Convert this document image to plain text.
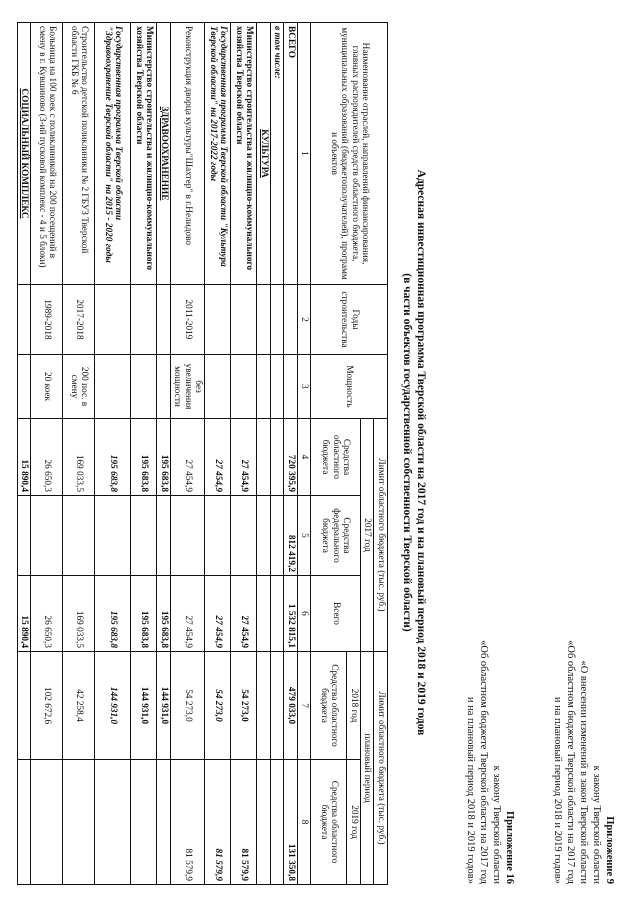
Приложение 9
к закону Тверской области
«О внесении изменений в закон Тверской области
«Об областном бюджете Тверской области на 2017 год
и на плановый период 2018 и 2019 годов»
Приложение 16
к закону Тверской области
«Об областном бюджете Тверской области на 2017 год
и на плановый период 2018 и 2019 годов»
Адресная инвестиционная программа Тверской области на 2017 год и на плановый период 2018 и 2019 годов
(в части объектов государственной собственности Тверской области)
Наименование отраслей, направлений финансирования, главных распорядителей средств областного бюджета, муниципальных образований (бюджетополучателей), программ и объектов	Годы строительства	Мощность	Лимит областного бюджета (тыс. руб.)			Лимит областного бюджета (тыс. руб.)	
			2017 год			плановый период	
			Средства областного бюджета	Средства федерального бюджета	Всего	2018 год	2019 год
						Средства областного бюджета	Средства областного бюджета
1	2	3	4	5	6	7	8
ВСЕГО			720 395,9	812 419,2	1 532 815,1	479 033,0	131 350,8
в том числе:							
КУЛЬТУРА							
Министерство строительства и жилищно-коммунального хозяйства Тверской области			27 454,9		27 454,9	54 273,0	81 579,9
Государственная программа Тверской области "Культура Тверской области" на 2017-2022 годы			27 454,9		27 454,9	54 273,0	81 579,9
Реконструкция дворца культуры"Шахтер" в г.Нелидово	2011-2019	без увеличения мощности	27 454,9		27 454,9	54 273,0	81 579,9
ЗДРАВООХРАНЕНИЕ			195 683,8		195 683,8	144 931,0	
Министерство строительства и жилищно-коммунального хозяйства Тверской области			195 683,8		195 683,8	144 931,0	
Государственная программа Тверской области "Здравоохранение Тверской области" на 2015 - 2020 годы			195 683,8		195 683,8	144 931,0	
Строительство детской поликлиники № 2 ГБУЗ Тверской области ГКБ № 6	2017-2018	200 пос. в смену	169 033,5		169 033,5	42 258,4	
Больница на 100 коек с поликлиникой на 200 посещений в смену в г. Кувшиново (3-ий пусковой комплекс - 4 и 5 блоки)	1989-2018	20 коек	26 650,3		26 650,3	102 672,6	
СОЦИАЛЬНЫЙ КОМПЛЕКС			15 890,4		15 890,4		
